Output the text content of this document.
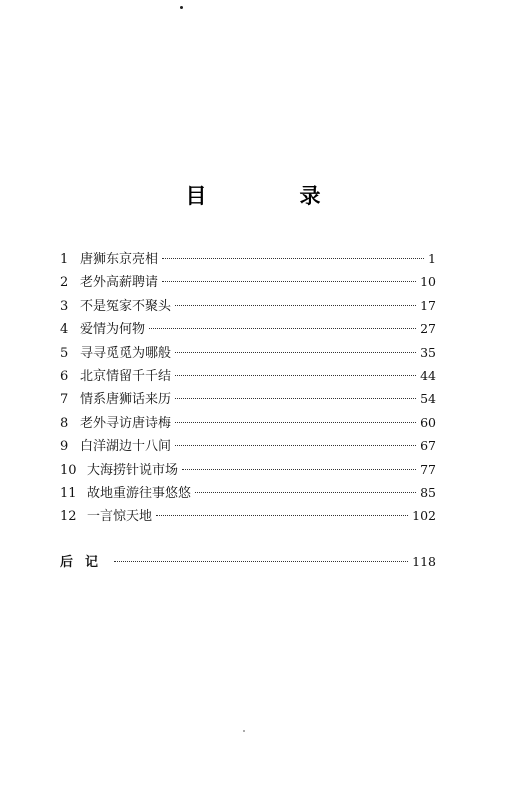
目　录
1 唐狮东京亮相	1
2 老外高薪聘请	10
3 不是冤家不聚头	17
4 爱情为何物	27
5 寻寻觅觅为哪般	35
6 北京情留千千结	44
7 情系唐狮话来历	54
8 老外寻访唐诗梅	60
9 白洋湖边十八间	67
10 大海捞针说市场	77
11 故地重游往事悠悠	85
12 一言惊天地	102
后记	118
